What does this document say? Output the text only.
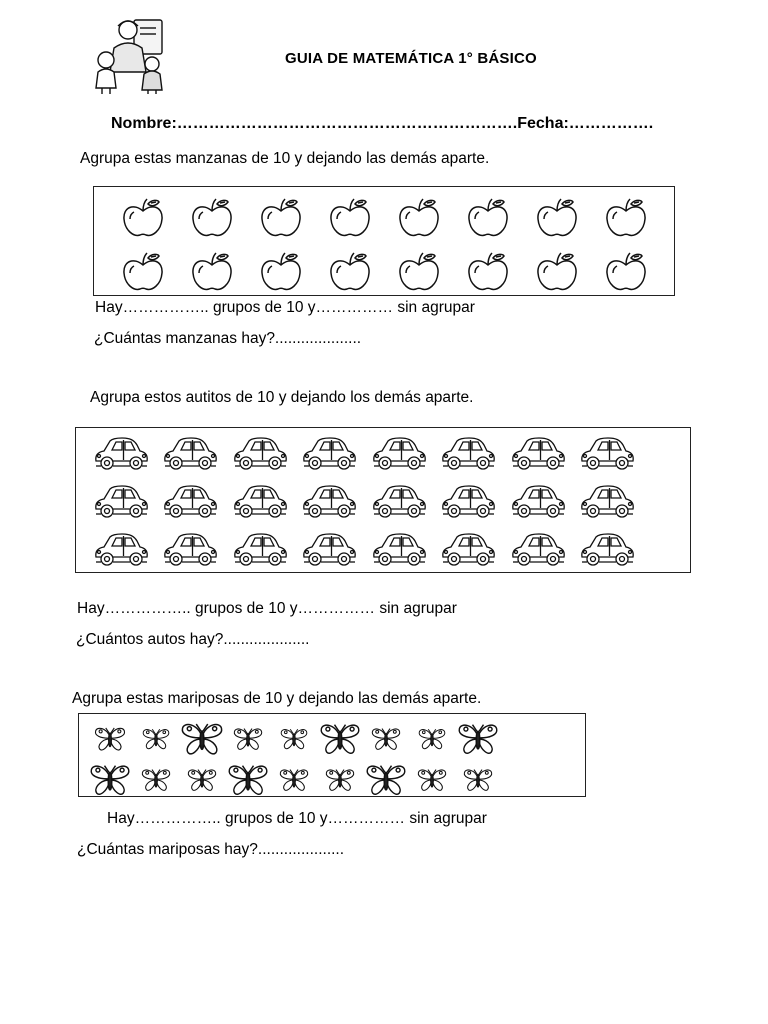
GUIA DE MATEMÁTICA 1° BÁSICO
Nombre:……………………………………………………….Fecha:…………….
Agrupa estas manzanas de 10 y dejando las demás aparte.
Hay…………….. grupos de 10 y…………… sin agrupar
¿Cuántas manzanas hay?....................
Agrupa estos autitos de 10 y dejando los demás aparte.
Hay…………….. grupos de 10 y…………… sin agrupar
¿Cuántos autos hay?....................
Agrupa estas mariposas de 10 y dejando las demás aparte.
Hay…………….. grupos de 10 y…………… sin agrupar
¿Cuántas mariposas hay?....................
